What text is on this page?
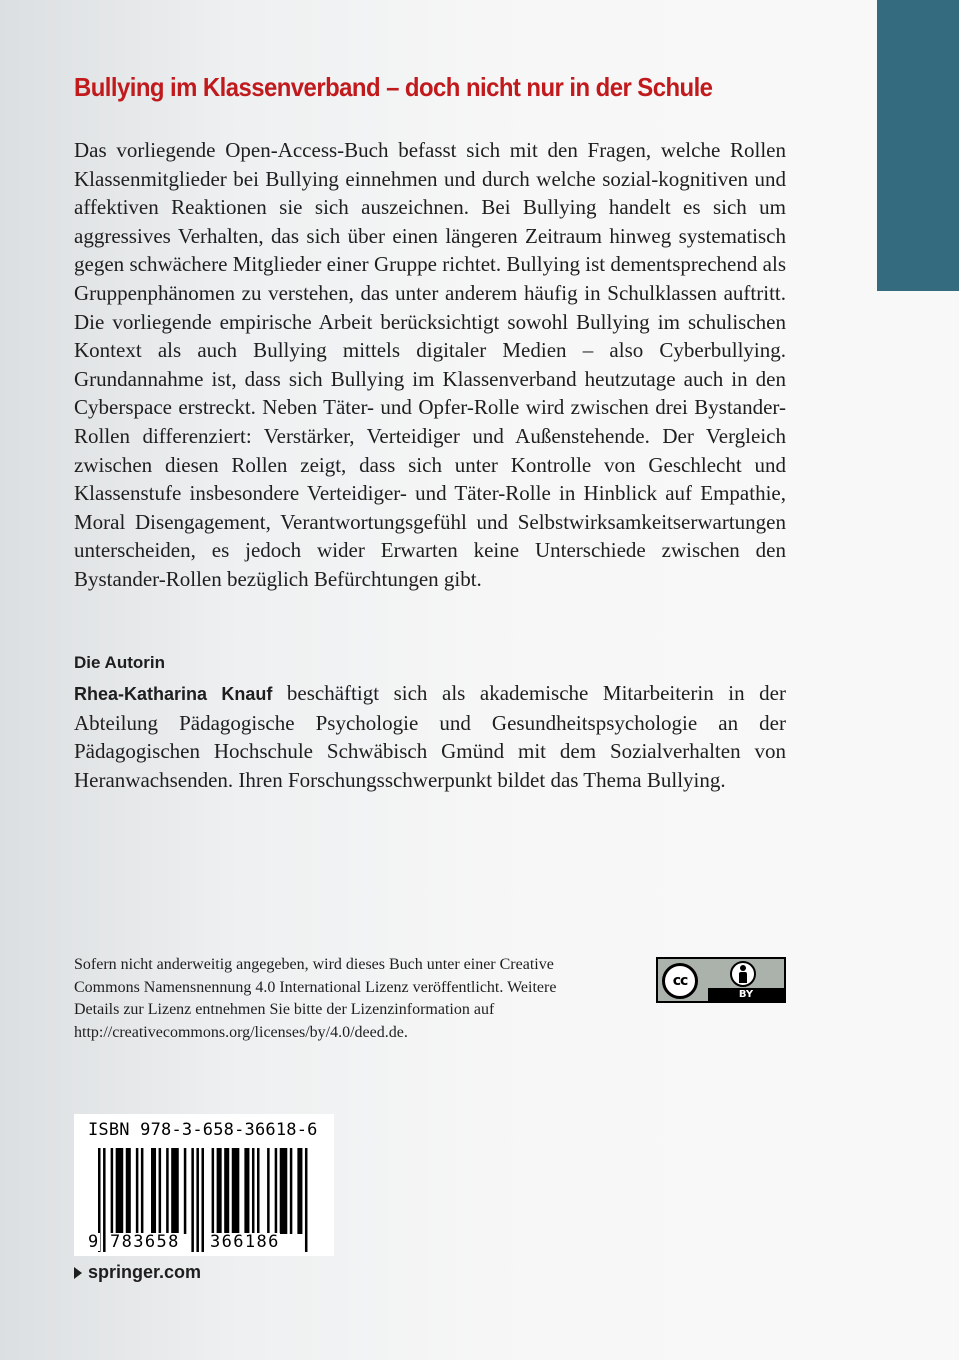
Bullying im Klassenverband – doch nicht nur in der Schule

Das vorliegende Open-Access-Buch befasst sich mit den Fragen, welche Rollen Klassenmitglieder bei Bullying einnehmen und durch welche sozial-kognitiven und affektiven Reaktionen sie sich auszeichnen. Bei Bullying handelt es sich um aggressives Verhalten, das sich über einen längeren Zeitraum hinweg systematisch gegen schwächere Mitglieder einer Gruppe richtet. Bullying ist dementsprechend als Gruppenphänomen zu verstehen, das unter anderem häufig in Schulklassen auftritt. Die vorliegende empirische Arbeit berücksichtigt sowohl Bullying im schulischen Kontext als auch Bullying mittels digitaler Medien – also Cyberbullying. Grundannahme ist, dass sich Bullying im Klassenverband heutzutage auch in den Cyberspace erstreckt. Neben Täter- und Opfer-Rolle wird zwischen drei Bystander-Rollen differenziert: Verstärker, Verteidiger und Außenstehende. Der Vergleich zwischen diesen Rollen zeigt, dass sich unter Kontrolle von Geschlecht und Klassenstufe insbesondere Verteidiger- und Täter-Rolle in Hinblick auf Empathie, Moral Disengagement, Verantwortungsgefühl und Selbstwirksamkeitserwartungen unterscheiden, es jedoch wider Erwarten keine Unterschiede zwischen den Bystander-Rollen bezüglich Befürchtungen gibt.

Die Autorin

Rhea-Katharina Knauf beschäftigt sich als akademische Mitarbeiterin in der Abteilung Pädagogische Psychologie und Gesundheitspsychologie an der Pädagogischen Hochschule Schwäbisch Gmünd mit dem Sozialverhalten von Heranwachsenden. Ihren Forschungsschwerpunkt bildet das Thema Bullying.

Sofern nicht anderweitig angegeben, wird dieses Buch unter einer Creative Commons Namensnennung 4.0 International Lizenz veröffentlicht. Weitere Details zur Lizenz entnehmen Sie bitte der Lizenzinformation auf http://creativecommons.org/licenses/by/4.0/deed.de.

cc
BY

ISBN 978-3-658-36618-6

9 783658 366186

springer.com
